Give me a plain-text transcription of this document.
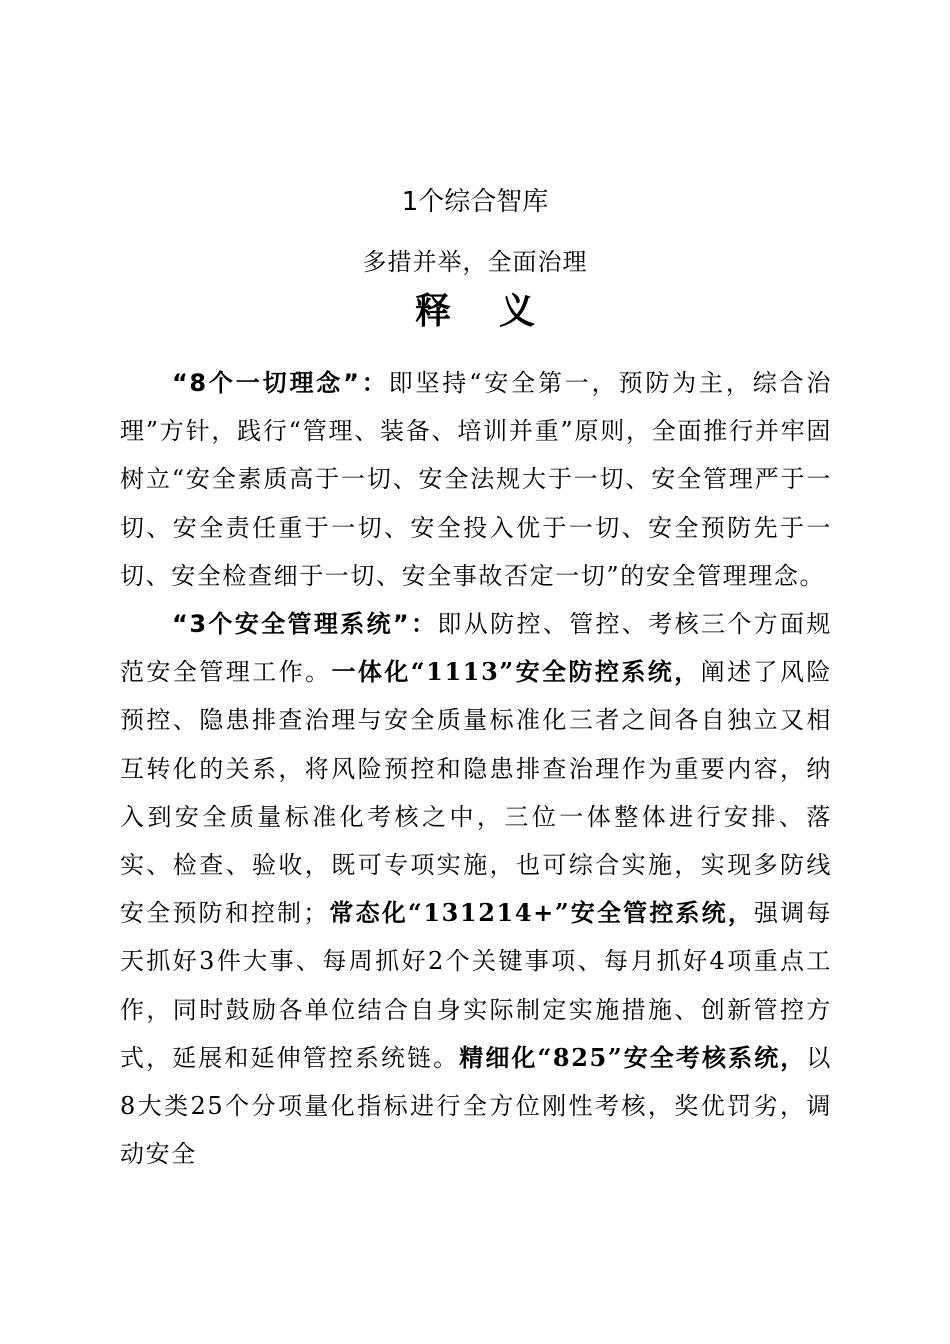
1个综合智库
多措并举，全面治理
释义

“8个一切理念”：即坚持“安全第一，预防为主，综合治理”方针，践行“管理、装备、培训并重”原则，全面推行并牢固树立“安全素质高于一切、安全法规大于一切、安全管理严于一切、安全责任重于一切、安全投入优于一切、安全预防先于一切、安全检查细于一切、安全事故否定一切”的安全管理理念。

“3个安全管理系统”：即从防控、管控、考核三个方面规范安全管理工作。一体化“1113”安全防控系统，阐述了风险预控、隐患排查治理与安全质量标准化三者之间各自独立又相互转化的关系，将风险预控和隐患排查治理作为重要内容，纳入到安全质量标准化考核之中，三位一体整体进行安排、落实、检查、验收，既可专项实施，也可综合实施，实现多防线安全预防和控制；常态化“131214+”安全管控系统，强调每天抓好3件大事、每周抓好2个关键事项、每月抓好4项重点工作，同时鼓励各单位结合自身实际制定实施措施、创新管控方式，延展和延伸管控系统链。精细化“825”安全考核系统，以8大类25个分项量化指标进行全方位刚性考核，奖优罚劣，调动安全
